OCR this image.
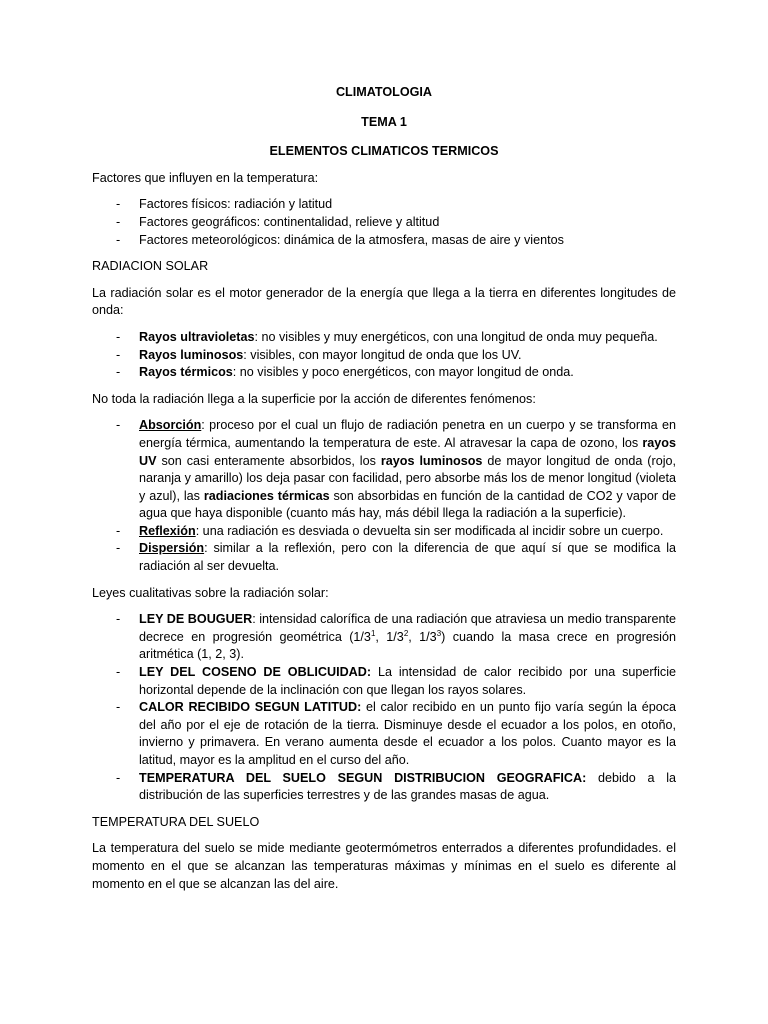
CLIMATOLOGIA
TEMA 1
ELEMENTOS CLIMATICOS TERMICOS

Factores que influyen en la temperatura:

- Factores físicos: radiación y latitud
- Factores geográficos: continentalidad, relieve y altitud
- Factores meteorológicos: dinámica de la atmosfera, masas de aire y vientos

RADIACION SOLAR

La radiación solar es el motor generador de la energía que llega a la tierra en diferentes longitudes de onda:

- Rayos ultravioletas: no visibles y muy energéticos, con una longitud de onda muy pequeña.
- Rayos luminosos: visibles, con mayor longitud de onda que los UV.
- Rayos térmicos: no visibles y poco energéticos, con mayor longitud de onda.

No toda la radiación llega a la superficie por la acción de diferentes fenómenos:

- Absorción: proceso por el cual un flujo de radiación penetra en un cuerpo y se transforma en energía térmica, aumentando la temperatura de este. Al atravesar la capa de ozono, los rayos UV son casi enteramente absorbidos, los rayos luminosos de mayor longitud de onda (rojo, naranja y amarillo) los deja pasar con facilidad, pero absorbe más los de menor longitud (violeta y azul), las radiaciones térmicas son absorbidas en función de la cantidad de CO2 y vapor de agua que haya disponible (cuanto más hay, más débil llega la radiación a la superficie).
- Reflexión: una radiación es desviada o devuelta sin ser modificada al incidir sobre un cuerpo.
- Dispersión: similar a la reflexión, pero con la diferencia de que aquí sí que se modifica la radiación al ser devuelta.

Leyes cualitativas sobre la radiación solar:

- LEY DE BOUGUER: intensidad calorífica de una radiación que atraviesa un medio transparente decrece en progresión geométrica ($1/3^1$, $1/3^2$, $1/3^3$) cuando la masa crece en progresión aritmética (1, 2, 3).
- LEY DEL COSENO DE OBLICUIDAD: La intensidad de calor recibido por una superficie horizontal depende de la inclinación con que llegan los rayos solares.
- CALOR RECIBIDO SEGUN LATITUD: el calor recibido en un punto fijo varía según la época del año por el eje de rotación de la tierra. Disminuye desde el ecuador a los polos, en otoño, invierno y primavera. En verano aumenta desde el ecuador a los polos. Cuanto mayor es la latitud, mayor es la amplitud en el curso del año.
- TEMPERATURA DEL SUELO SEGUN DISTRIBUCION GEOGRAFICA: debido a la distribución de las superficies terrestres y de las grandes masas de agua.

TEMPERATURA DEL SUELO

La temperatura del suelo se mide mediante geotermómetros enterrados a diferentes profundidades. el momento en el que se alcanzan las temperaturas máximas y mínimas en el suelo es diferente al momento en el que se alcanzan las del aire.
